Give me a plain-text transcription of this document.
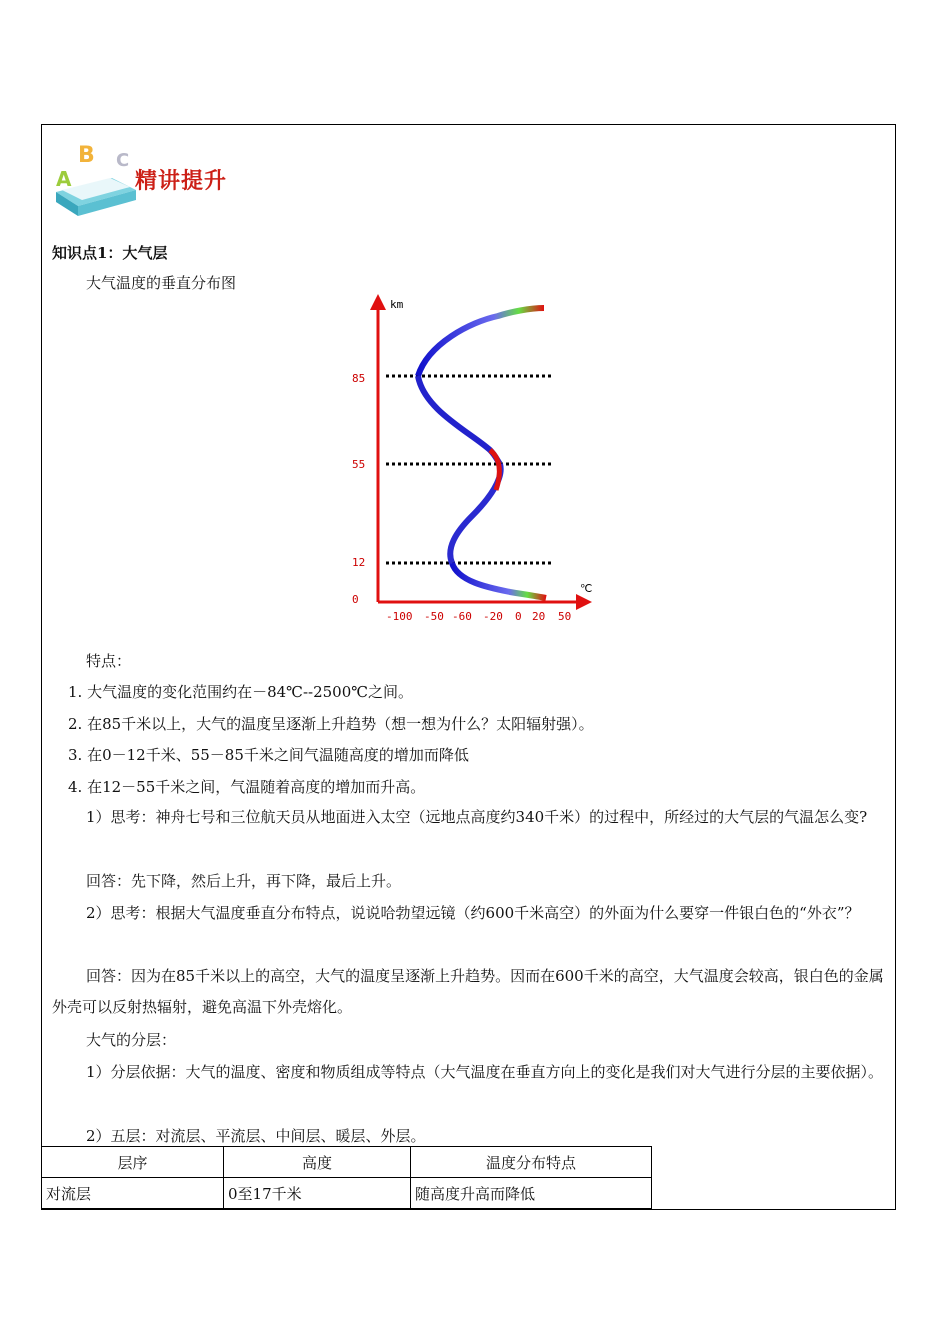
A
B C
精讲提升
知识点1：大气层
大气温度的垂直分布图
km
℃
85
55
12
0
-100 -50 -60 -20 0 20 50
特点：
1. 大气温度的变化范围约在－84℃--2500℃之间。
2. 在85千米以上，大气的温度呈逐渐上升趋势（想一想为什么？太阳辐射强）。
3. 在0－12千米、55－85千米之间气温随高度的增加而降低
4. 在12－55千米之间，气温随着高度的增加而升高。
1）思考：神舟七号和三位航天员从地面进入太空（远地点高度约340千米）的过程中，所经过的大气层的气温怎么变?
回答：先下降，然后上升，再下降，最后上升。
2）思考：根据大气温度垂直分布特点，说说哈勃望远镜（约600千米高空）的外面为什么要穿一件银白色的“外衣”？
回答：因为在85千米以上的高空，大气的温度呈逐渐上升趋势。因而在600千米的高空，大气温度会较高，银白色的金属外壳可以反射热辐射，避免高温下外壳熔化。
大气的分层：
1）分层依据：大气的温度、密度和物质组成等特点（大气温度在垂直方向上的变化是我们对大气进行分层的主要依据）。
2）五层：对流层、平流层、中间层、暖层、外层。
层序	高度	温度分布特点
对流层	0至17千米	随高度升高而降低
